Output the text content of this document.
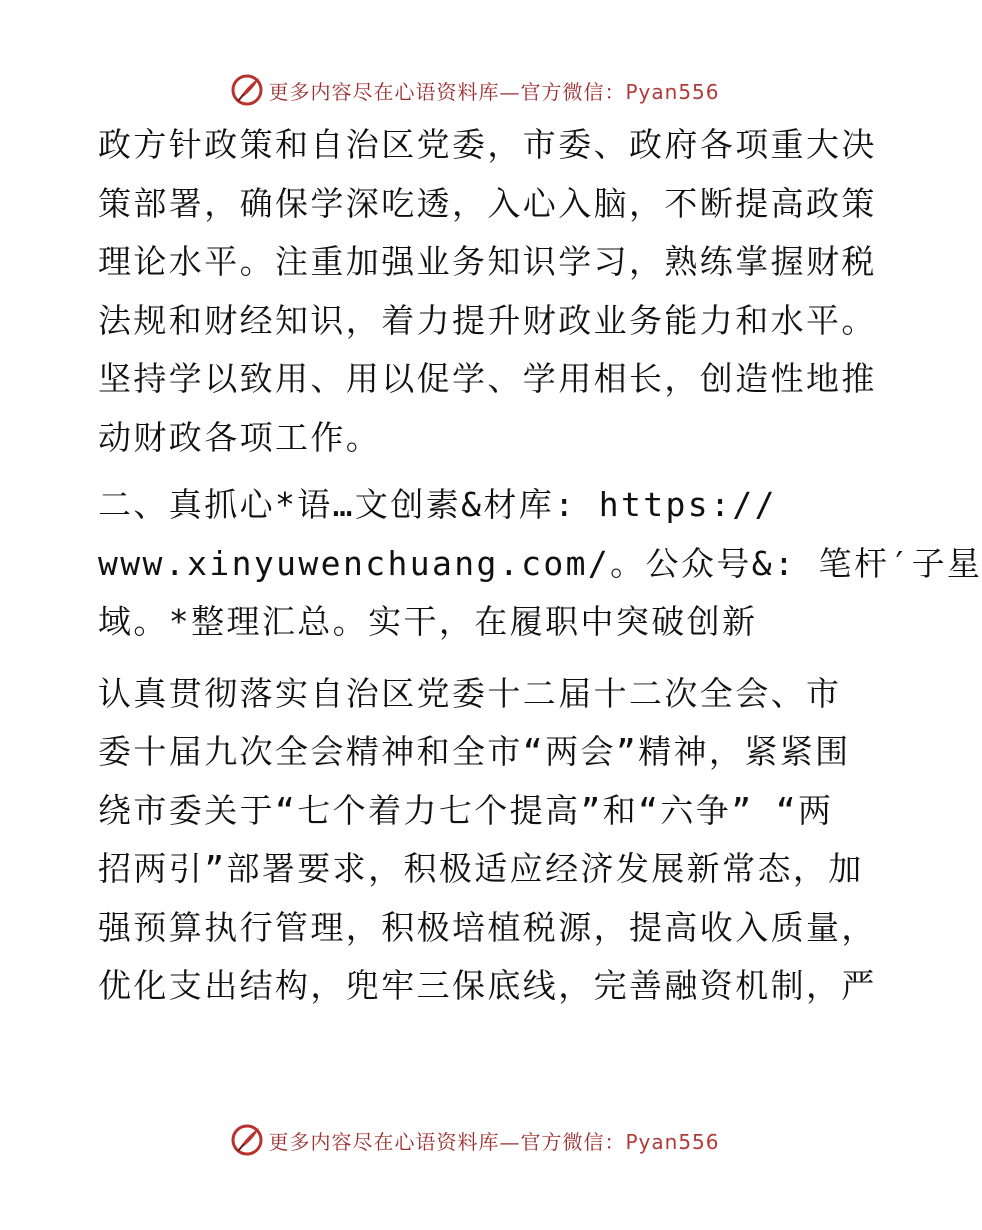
更多内容尽在心语资料库—官方微信：Pyan556
政方针政策和自治区党委，市委、政府各项重大决
策部署，确保学深吃透，入心入脑，不断提高政策
理论水平。注重加强业务知识学习，熟练掌握财税
法规和财经知识，着力提升财政业务能力和水平。
坚持学以致用、用以促学、学用相长，创造性地推
动财政各项工作。
二、真抓心*语…文创素&材库: https://
www.xinyuwenchuang.com/。公众号&: 笔杆′子星
域。*整理汇总。实干，在履职中突破创新
认真贯彻落实自治区党委十二届十二次全会、市
委十届九次全会精神和全市“两会”精神，紧紧围
绕市委关于“七个着力七个提高”和“六争” “两
招两引”部署要求，积极适应经济发展新常态，加
强预算执行管理，积极培植税源，提高收入质量，
优化支出结构，兜牢三保底线，完善融资机制，严
更多内容尽在心语资料库—官方微信：Pyan556
